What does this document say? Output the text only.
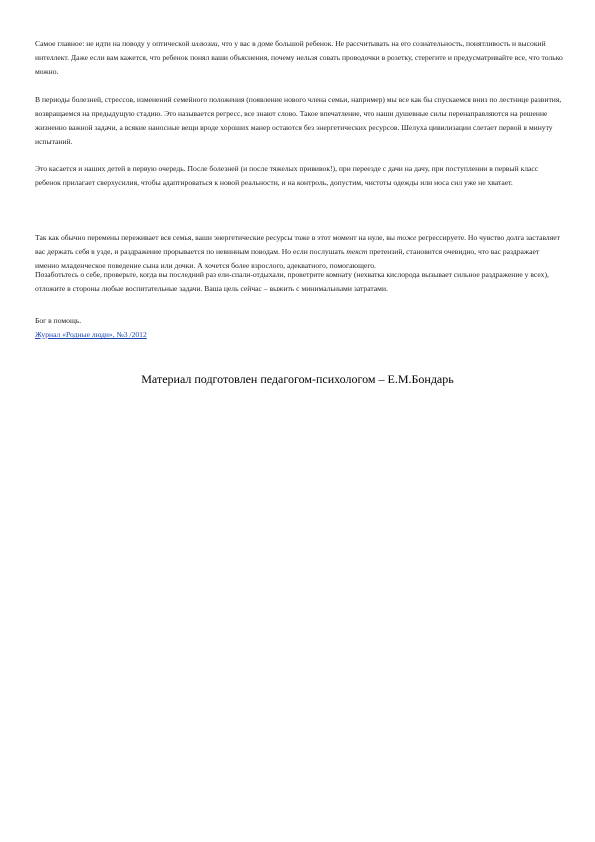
Самое главное: не идти на поводу у оптической иллюзии, что у вас в доме большой ребенок. Не рассчитывать на его сознательность, понятливость и высокий интеллект. Даже если вам кажется, что ребенок понял ваши объяснения, почему нельзя совать проводочки в розетку, стерегите и предусматривайте все, что только можно.

В периоды болезней, стрессов, изменений семейного положения (появление нового члена семьи, например) мы все как бы спускаемся вниз по лестнице развития, возвращаемся на предыдущую стадию. Это называется регресс, все знают слово. Такое впечатление, что наши душевные силы перенаправляются на решение жизненно важной задачи, а всякие наносные вещи вроде хороших манер остаются без энергетических ресурсов. Шелуха цивилизации слетает первой в минуту испытаний.

Это касается и наших детей в первую очередь. После болезней (и после тяжелых прививок!), при переезде с дачи на дачу, при поступлении в первый класс ребенок прилагает сверхусилия, чтобы адаптироваться к новой реальности, и на контроль, допустим, чистоты одежды или носа сил уже не хватает.

Так как обычно перемены переживает вся семья, ваши энергетические ресурсы тоже в этот момент на нуле, вы тоже регрессируете. Но чувство долга заставляет вас держать себя в узде, и раздражение прорывается по невинным поводам. Но если послушать текст претензий, становится очевидно, что вас раздражает именно младенческое поведение сына или дочки. А хочется более взрослого, адекватного, помогающего.

Позаботьтесь о себе, проверьте, когда вы последний раз ели-спали-отдыхали, проветрите комнату (нехватка кислорода вызывает сильное раздражение у всех), отложите в стороны любые воспитательные задачи. Ваша цель сейчас – выжить с минимальными затратами.

Бог в помощь.

Журнал «Родные люди», №3 /2012

Материал подготовлен педагогом-психологом – Е.М.Бондарь
